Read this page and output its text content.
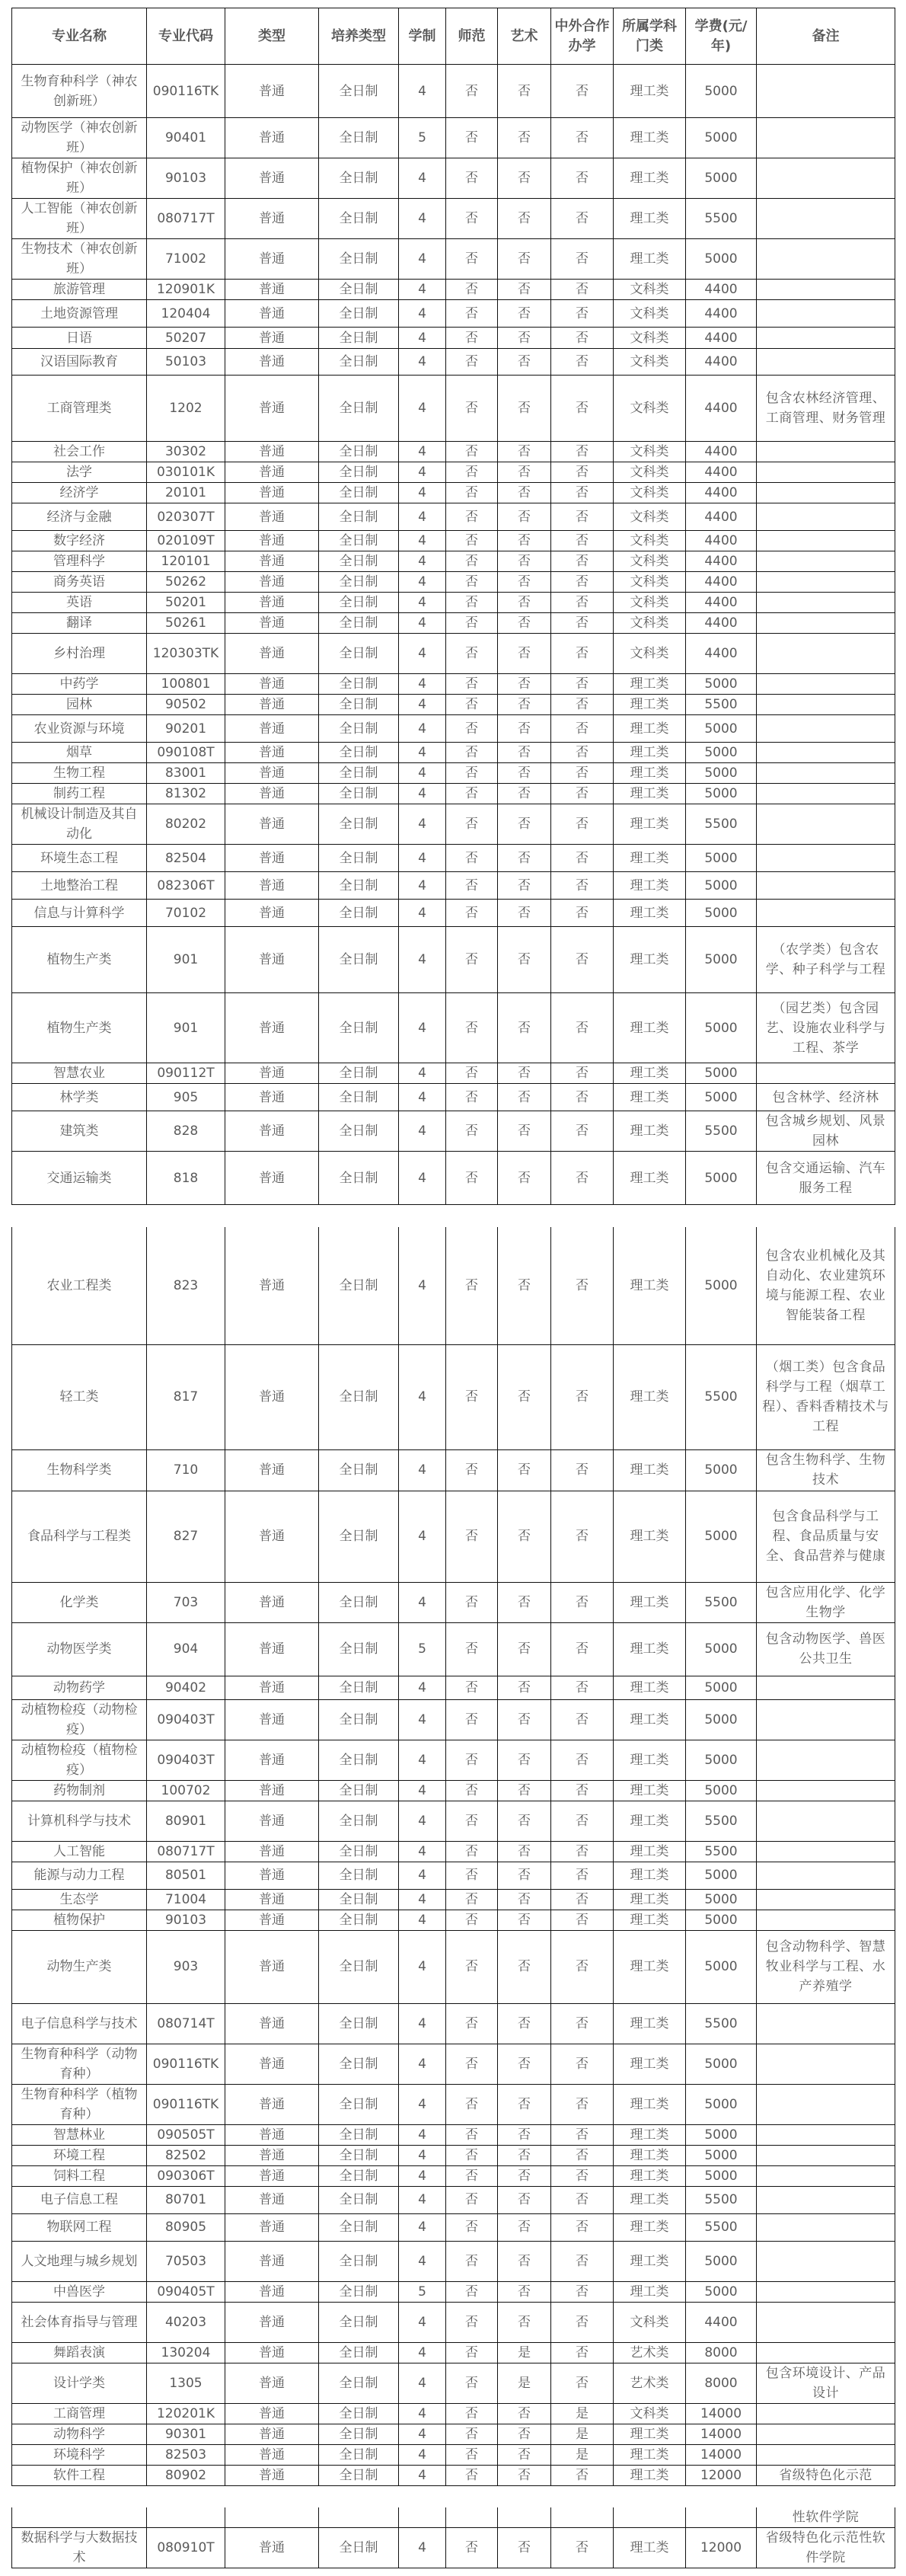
专业名称	专业代码	类型	培养类型	学制	师范	艺术	中外合作办学	所属学科门类	学费(元/年)	备注
生物育种科学（神农创新班）	090116TK	普通	全日制	4	否	否	否	理工类	5000	
动物医学（神农创新班）	90401	普通	全日制	5	否	否	否	理工类	5000	
植物保护（神农创新班）	90103	普通	全日制	4	否	否	否	理工类	5000	
人工智能（神农创新班）	080717T	普通	全日制	4	否	否	否	理工类	5500	
生物技术（神农创新班）	71002	普通	全日制	4	否	否	否	理工类	5000	
旅游管理	120901K	普通	全日制	4	否	否	否	文科类	4400	
土地资源管理	120404	普通	全日制	4	否	否	否	文科类	4400	
日语	50207	普通	全日制	4	否	否	否	文科类	4400	
汉语国际教育	50103	普通	全日制	4	否	否	否	文科类	4400	
工商管理类	1202	普通	全日制	4	否	否	否	文科类	4400	包含农林经济管理、工商管理、财务管理
社会工作	30302	普通	全日制	4	否	否	否	文科类	4400	
法学	030101K	普通	全日制	4	否	否	否	文科类	4400	
经济学	20101	普通	全日制	4	否	否	否	文科类	4400	
经济与金融	020307T	普通	全日制	4	否	否	否	文科类	4400	
数字经济	020109T	普通	全日制	4	否	否	否	文科类	4400	
管理科学	120101	普通	全日制	4	否	否	否	文科类	4400	
商务英语	50262	普通	全日制	4	否	否	否	文科类	4400	
英语	50201	普通	全日制	4	否	否	否	文科类	4400	
翻译	50261	普通	全日制	4	否	否	否	文科类	4400	
乡村治理	120303TK	普通	全日制	4	否	否	否	文科类	4400	
中药学	100801	普通	全日制	4	否	否	否	理工类	5000	
园林	90502	普通	全日制	4	否	否	否	理工类	5500	
农业资源与环境	90201	普通	全日制	4	否	否	否	理工类	5000	
烟草	090108T	普通	全日制	4	否	否	否	理工类	5000	
生物工程	83001	普通	全日制	4	否	否	否	理工类	5000	
制药工程	81302	普通	全日制	4	否	否	否	理工类	5000	
机械设计制造及其自动化	80202	普通	全日制	4	否	否	否	理工类	5500	
环境生态工程	82504	普通	全日制	4	否	否	否	理工类	5000	
土地整治工程	082306T	普通	全日制	4	否	否	否	理工类	5000	
信息与计算科学	70102	普通	全日制	4	否	否	否	理工类	5000	
植物生产类	901	普通	全日制	4	否	否	否	理工类	5000	（农学类）包含农学、种子科学与工程
植物生产类	901	普通	全日制	4	否	否	否	理工类	5000	（园艺类）包含园艺、设施农业科学与工程、茶学
智慧农业	090112T	普通	全日制	4	否	否	否	理工类	5000	
林学类	905	普通	全日制	4	否	否	否	理工类	5000	包含林学、经济林
建筑类	828	普通	全日制	4	否	否	否	理工类	5500	包含城乡规划、风景园林
交通运输类	818	普通	全日制	4	否	否	否	理工类	5000	包含交通运输、汽车服务工程
农业工程类	823	普通	全日制	4	否	否	否	理工类	5000	包含农业机械化及其自动化、农业建筑环境与能源工程、农业智能装备工程
轻工类	817	普通	全日制	4	否	否	否	理工类	5500	（烟工类）包含食品科学与工程（烟草工程）、香料香精技术与工程
生物科学类	710	普通	全日制	4	否	否	否	理工类	5000	包含生物科学、生物技术
食品科学与工程类	827	普通	全日制	4	否	否	否	理工类	5000	包含食品科学与工程、食品质量与安全、食品营养与健康
化学类	703	普通	全日制	4	否	否	否	理工类	5500	包含应用化学、化学生物学
动物医学类	904	普通	全日制	5	否	否	否	理工类	5000	包含动物医学、兽医公共卫生
动物药学	90402	普通	全日制	4	否	否	否	理工类	5000	
动植物检疫（动物检疫）	090403T	普通	全日制	4	否	否	否	理工类	5000	
动植物检疫（植物检疫）	090403T	普通	全日制	4	否	否	否	理工类	5000	
药物制剂	100702	普通	全日制	4	否	否	否	理工类	5000	
计算机科学与技术	80901	普通	全日制	4	否	否	否	理工类	5500	
人工智能	080717T	普通	全日制	4	否	否	否	理工类	5500	
能源与动力工程	80501	普通	全日制	4	否	否	否	理工类	5000	
生态学	71004	普通	全日制	4	否	否	否	理工类	5000	
植物保护	90103	普通	全日制	4	否	否	否	理工类	5000	
动物生产类	903	普通	全日制	4	否	否	否	理工类	5000	包含动物科学、智慧牧业科学与工程、水产养殖学
电子信息科学与技术	080714T	普通	全日制	4	否	否	否	理工类	5500	
生物育种科学（动物育种）	090116TK	普通	全日制	4	否	否	否	理工类	5000	
生物育种科学（植物育种）	090116TK	普通	全日制	4	否	否	否	理工类	5000	
智慧林业	090505T	普通	全日制	4	否	否	否	理工类	5000	
环境工程	82502	普通	全日制	4	否	否	否	理工类	5000	
饲料工程	090306T	普通	全日制	4	否	否	否	理工类	5000	
电子信息工程	80701	普通	全日制	4	否	否	否	理工类	5500	
物联网工程	80905	普通	全日制	4	否	否	否	理工类	5500	
人文地理与城乡规划	70503	普通	全日制	4	否	否	否	理工类	5000	
中兽医学	090405T	普通	全日制	5	否	否	否	理工类	5000	
社会体育指导与管理	40203	普通	全日制	4	否	否	否	文科类	4400	
舞蹈表演	130204	普通	全日制	4	否	是	否	艺术类	8000	
设计学类	1305	普通	全日制	4	否	是	否	艺术类	8000	包含环境设计、产品设计
工商管理	120201K	普通	全日制	4	否	否	是	文科类	14000	
动物科学	90301	普通	全日制	4	否	否	是	理工类	14000	
环境科学	82503	普通	全日制	4	否	否	是	理工类	14000	
软件工程	80902	普通	全日制	4	否	否	否	理工类	12000	省级特色化示范
										性软件学院
数据科学与大数据技术	080910T	普通	全日制	4	否	否	否	理工类	12000	省级特色化示范性软件学院
